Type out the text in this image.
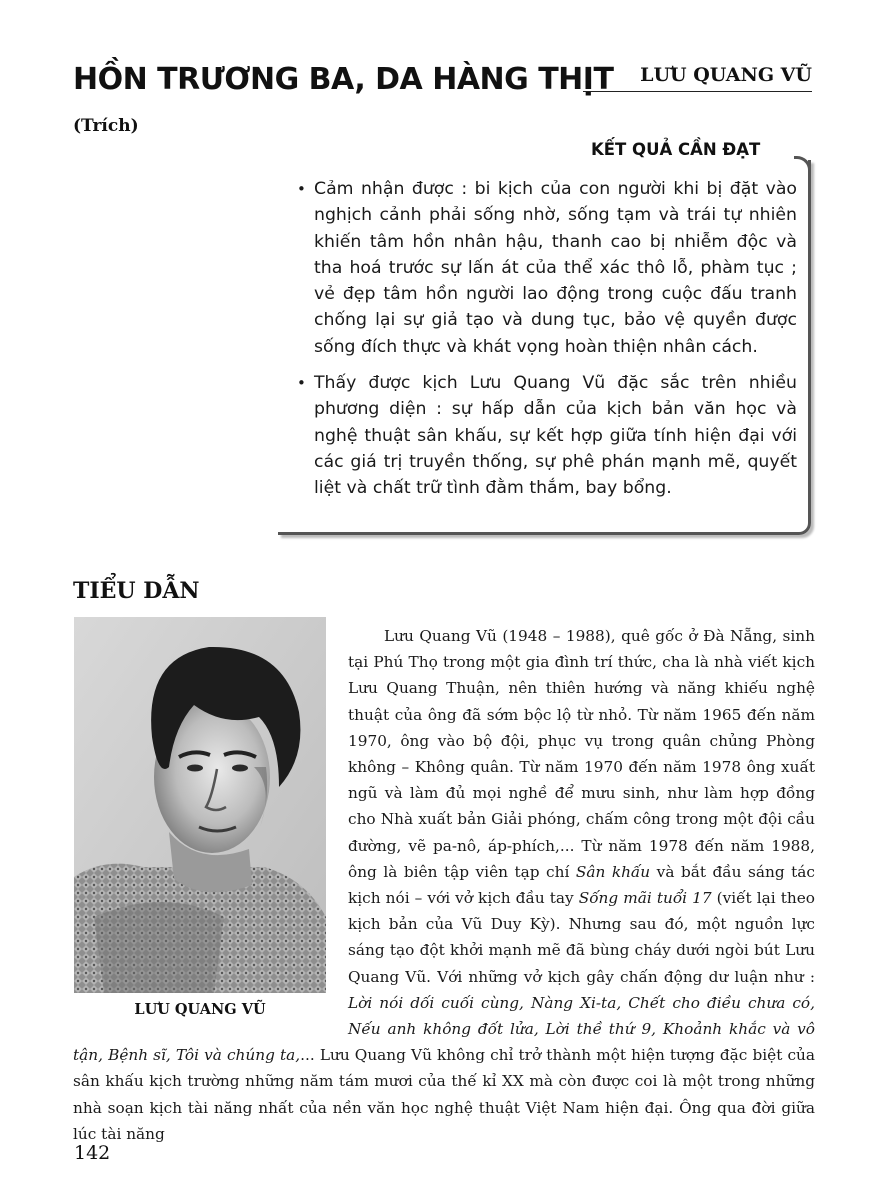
HỒN TRƯƠNG BA, DA HÀNG THỊT LƯU QUANG VŨ
(Trích)
KẾT QUẢ CẦN ĐẠT
• Cảm nhận được : bi kịch của con người khi bị đặt vào nghịch cảnh phải sống nhờ, sống tạm và trái tự nhiên khiến tâm hồn nhân hậu, thanh cao bị nhiễm độc và tha hoá trước sự lấn át của thể xác thô lỗ, phàm tục ; vẻ đẹp tâm hồn người lao động trong cuộc đấu tranh chống lại sự giả tạo và dung tục, bảo vệ quyền được sống đích thực và khát vọng hoàn thiện nhân cách.
• Thấy được kịch Lưu Quang Vũ đặc sắc trên nhiều phương diện : sự hấp dẫn của kịch bản văn học và nghệ thuật sân khấu, sự kết hợp giữa tính hiện đại với các giá trị truyền thống, sự phê phán mạnh mẽ, quyết liệt và chất trữ tình đằm thắm, bay bổng.
TIỂU DẪN
LƯU QUANG VŨ

Lưu Quang Vũ (1948 – 1988), quê gốc ở Đà Nẵng, sinh tại Phú Thọ trong một gia đình trí thức, cha là nhà viết kịch Lưu Quang Thuận, nên thiên hướng và năng khiếu nghệ thuật của ông đã sớm bộc lộ từ nhỏ. Từ năm 1965 đến năm 1970, ông vào bộ đội, phục vụ trong quân chủng Phòng không – Không quân. Từ năm 1970 đến năm 1978 ông xuất ngũ và làm đủ mọi nghề để mưu sinh, như làm hợp đồng cho Nhà xuất bản Giải phóng, chấm công trong một đội cầu đường, vẽ pa-nô, áp-phích,... Từ năm 1978 đến năm 1988, ông là biên tập viên tạp chí Sân khấu và bắt đầu sáng tác kịch nói – với vở kịch đầu tay Sống mãi tuổi 17 (viết lại theo kịch bản của Vũ Duy Kỳ). Nhưng sau đó, một nguồn lực sáng tạo đột khởi mạnh mẽ đã bùng cháy dưới ngòi bút Lưu Quang Vũ. Với những vở kịch gây chấn động dư luận như : Lời nói dối cuối cùng, Nàng Xi-ta, Chết cho điều chưa có, Nếu anh không đốt lửa, Lời thề thứ 9, Khoảnh khắc và vô tận, Bệnh sĩ, Tôi và chúng ta,... Lưu Quang Vũ không chỉ trở thành một hiện tượng đặc biệt của sân khấu kịch trường những năm tám mươi của thế kỉ XX mà còn được coi là một trong những nhà soạn kịch tài năng nhất của nền văn học nghệ thuật Việt Nam hiện đại. Ông qua đời giữa lúc tài năng

142
